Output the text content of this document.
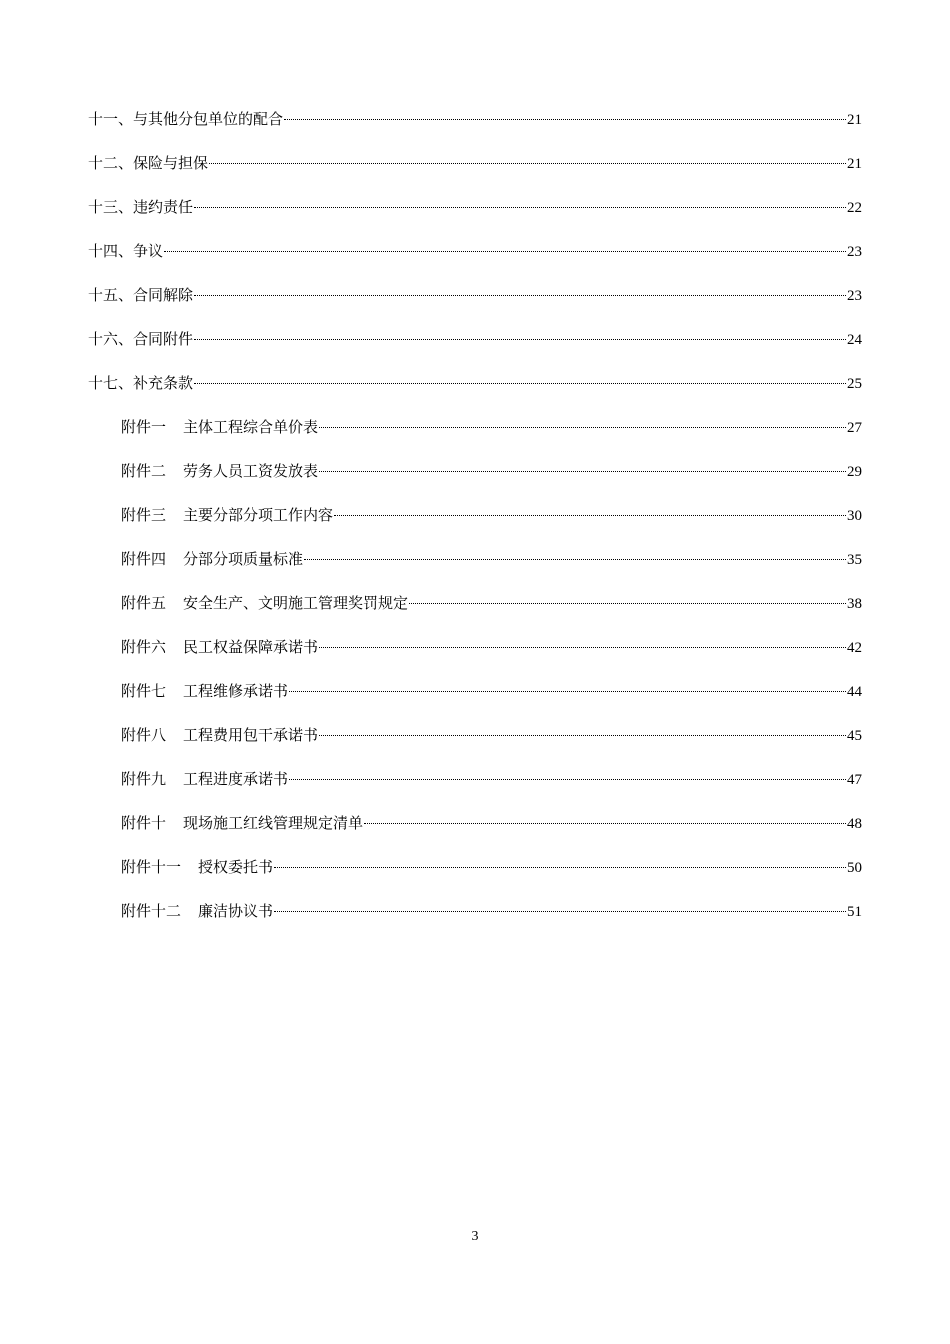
十一、与其他分包单位的配合	21
十二、保险与担保	21
十三、违约责任	22
十四、争议	23
十五、合同解除	23
十六、合同附件	24
十七、补充条款	25
附件一 主体工程综合单价表	27
附件二 劳务人员工资发放表	29
附件三 主要分部分项工作内容	30
附件四 分部分项质量标准	35
附件五 安全生产、文明施工管理奖罚规定	38
附件六 民工权益保障承诺书	42
附件七 工程维修承诺书	44
附件八 工程费用包干承诺书	45
附件九 工程进度承诺书	47
附件十 现场施工红线管理规定清单	48
附件十一 授权委托书	50
附件十二 廉洁协议书	51
3
